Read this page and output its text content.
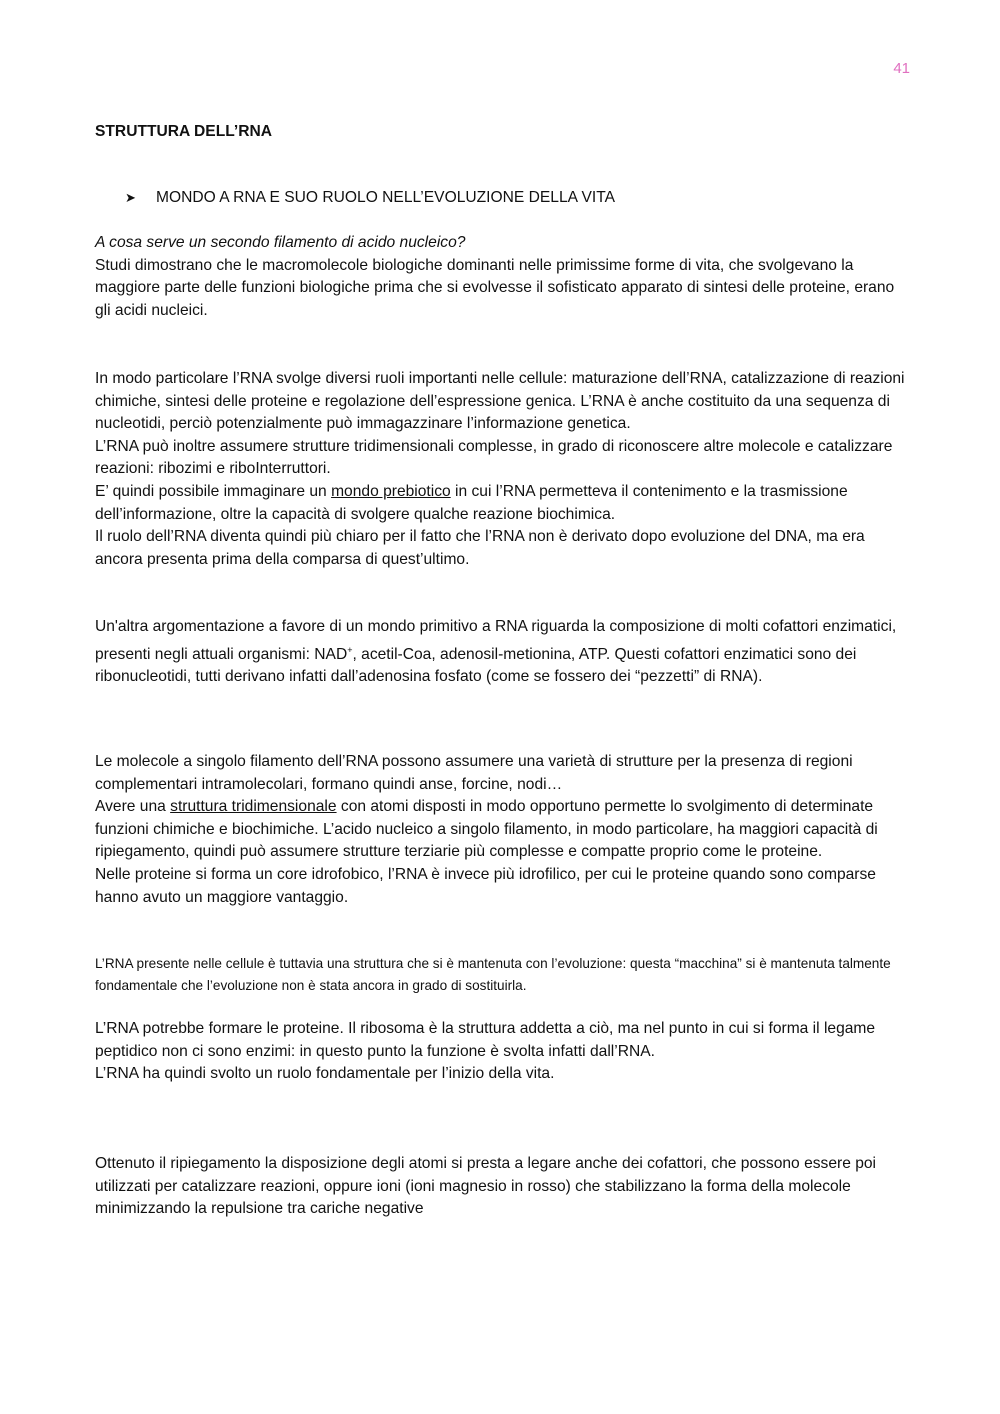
41
STRUTTURA DELL’RNA
➤ MONDO A RNA E SUO RUOLO NELL’EVOLUZIONE DELLA VITA

A cosa serve un secondo filamento di acido nucleico?

Studi dimostrano che le macromolecole biologiche dominanti nelle primissime forme di vita, che svolgevano la maggiore parte delle funzioni biologiche prima che si evolvesse il sofisticato apparato di sintesi delle proteine, erano gli acidi nucleici.

In modo particolare l’RNA svolge diversi ruoli importanti nelle cellule: maturazione dell’RNA, catalizzazione di reazioni chimiche, sintesi delle proteine e regolazione dell’espressione genica. L’RNA è anche costituito da una sequenza di nucleotidi, perciò potenzialmente può immagazzinare l’informazione genetica.

L’RNA può inoltre assumere strutture tridimensionali complesse, in grado di riconoscere altre molecole e catalizzare reazioni: ribozimi e riboInterruttori.

E’ quindi possibile immaginare un mondo prebiotico in cui l’RNA permetteva il contenimento e la trasmissione dell’informazione, oltre la capacità di svolgere qualche reazione biochimica.

Il ruolo dell’RNA diventa quindi più chiaro per il fatto che l’RNA non è derivato dopo evoluzione del DNA, ma era ancora presenta prima della comparsa di quest’ultimo.

Un'altra argomentazione a favore di un mondo primitivo a RNA riguarda la composizione di molti cofattori enzimatici, presenti negli attuali organismi: NAD+, acetil-Coa, adenosil-metionina, ATP. Questi cofattori enzimatici sono dei ribonucleotidi, tutti derivano infatti dall’adenosina fosfato (come se fossero dei “pezzetti” di RNA).

Le molecole a singolo filamento dell’RNA possono assumere una varietà di strutture per la presenza di regioni complementari intramolecolari, formano quindi anse, forcine, nodi…

Avere una struttura tridimensionale con atomi disposti in modo opportuno permette lo svolgimento di determinate funzioni chimiche e biochimiche. L’acido nucleico a singolo filamento, in modo particolare, ha maggiori capacità di ripiegamento, quindi può assumere strutture terziarie più complesse e compatte proprio come le proteine.

Nelle proteine si forma un core idrofobico, l’RNA è invece più idrofilico, per cui le proteine quando sono comparse hanno avuto un maggiore vantaggio.

L’RNA presente nelle cellule è tuttavia una struttura che si è mantenuta con l’evoluzione: questa “macchina” si è mantenuta talmente fondamentale che l’evoluzione non è stata ancora in grado di sostituirla.

L’RNA potrebbe formare le proteine. Il ribosoma è la struttura addetta a ciò, ma nel punto in cui si forma il legame peptidico non ci sono enzimi: in questo punto la funzione è svolta infatti dall’RNA.

L’RNA ha quindi svolto un ruolo fondamentale per l’inizio della vita.

Ottenuto il ripiegamento la disposizione degli atomi si presta a legare anche dei cofattori, che possono essere poi utilizzati per catalizzare reazioni, oppure ioni (ioni magnesio in rosso) che stabilizzano la forma della molecole minimizzando la repulsione tra cariche negative
